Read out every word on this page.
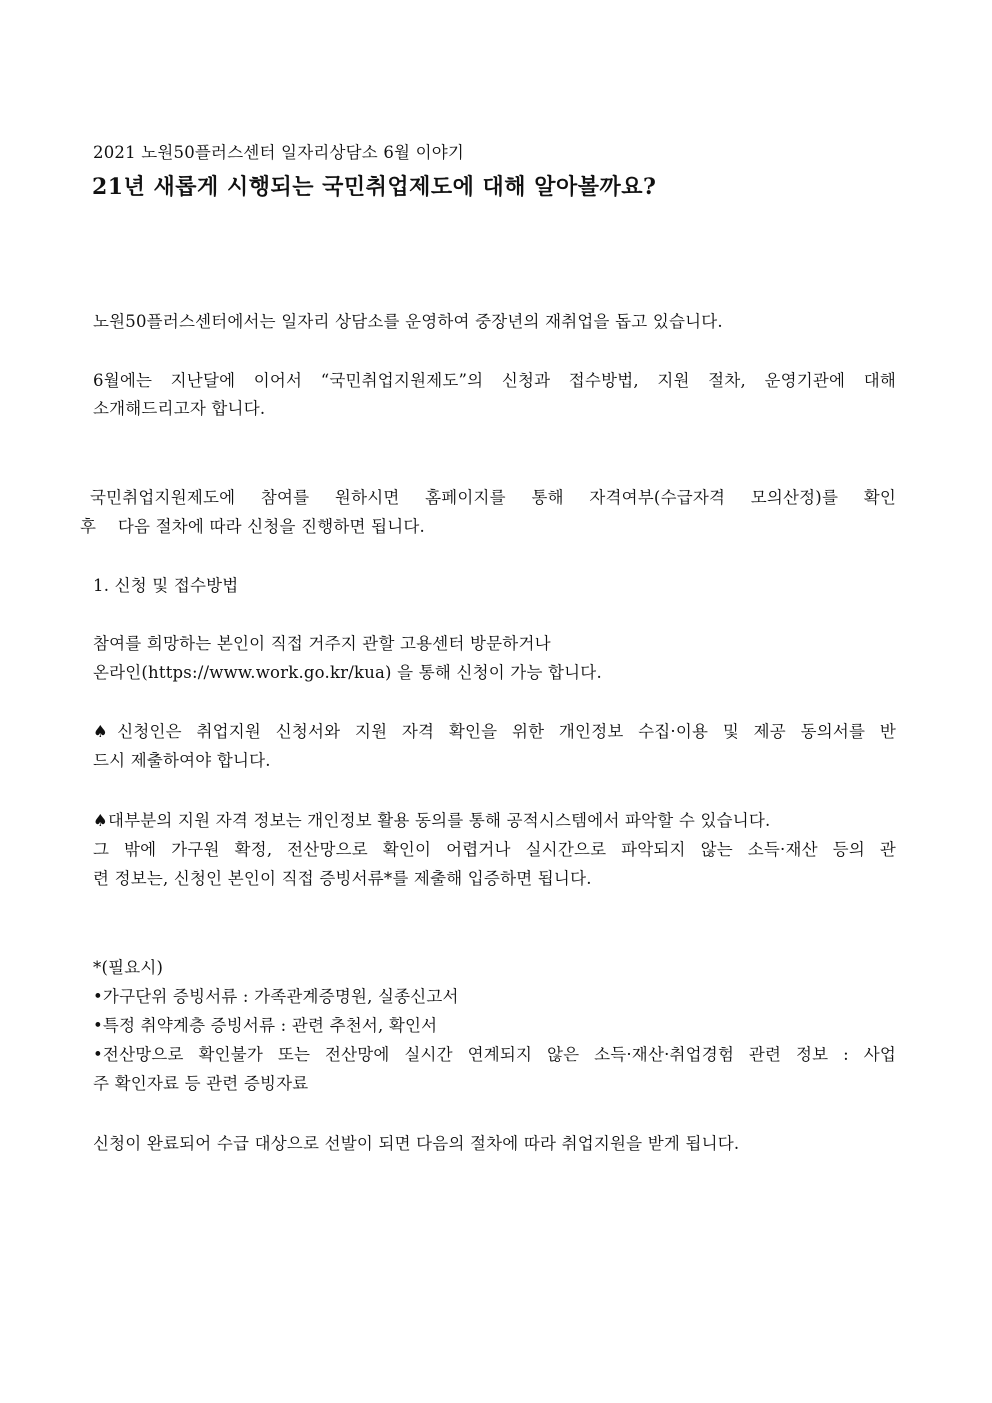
2021 노원50플러스센터 일자리상담소 6월 이야기
21년 새롭게 시행되는 국민취업제도에 대해 알아볼까요?
노원50플러스센터에서는 일자리 상담소를 운영하여 중장년의 재취업을 돕고 있습니다.
6월에는 지난달에 이어서 “국민취업지원제도”의 신청과 접수방법, 지원 절차, 운영기관에 대해
소개해드리고자 합니다.
국민취업지원제도에 참여를 원하시면 홈페이지를 통해 자격여부(수급자격 모의산정)를 확인
후    다음 절차에 따라 신청을 진행하면 됩니다.
1. 신청 및 접수방법
참여를 희망하는 본인이 직접 거주지 관할 고용센터 방문하거나
온라인(https://www.work.go.kr/kua) 을 통해 신청이 가능 합니다.
♠신청인은 취업지원 신청서와 지원 자격 확인을 위한 개인정보 수집·이용 및 제공 동의서를 반
드시 제출하여야 합니다.
♠대부분의 지원 자격 정보는 개인정보 활용 동의를 통해 공적시스템에서 파악할 수 있습니다.
그 밖에 가구원 확정, 전산망으로 확인이 어렵거나 실시간으로 파악되지 않는 소득·재산 등의 관
련 정보는, 신청인 본인이 직접 증빙서류*를 제출해 입증하면 됩니다.
*(필요시)
•가구단위 증빙서류 : 가족관계증명원, 실종신고서
•특정 취약계층 증빙서류 : 관련 추천서, 확인서
•전산망으로 확인불가 또는 전산망에 실시간 연계되지 않은 소득·재산·취업경험 관련 정보 : 사업
주 확인자료 등 관련 증빙자료
신청이 완료되어 수급 대상으로 선발이 되면 다음의 절차에 따라 취업지원을 받게 됩니다.
